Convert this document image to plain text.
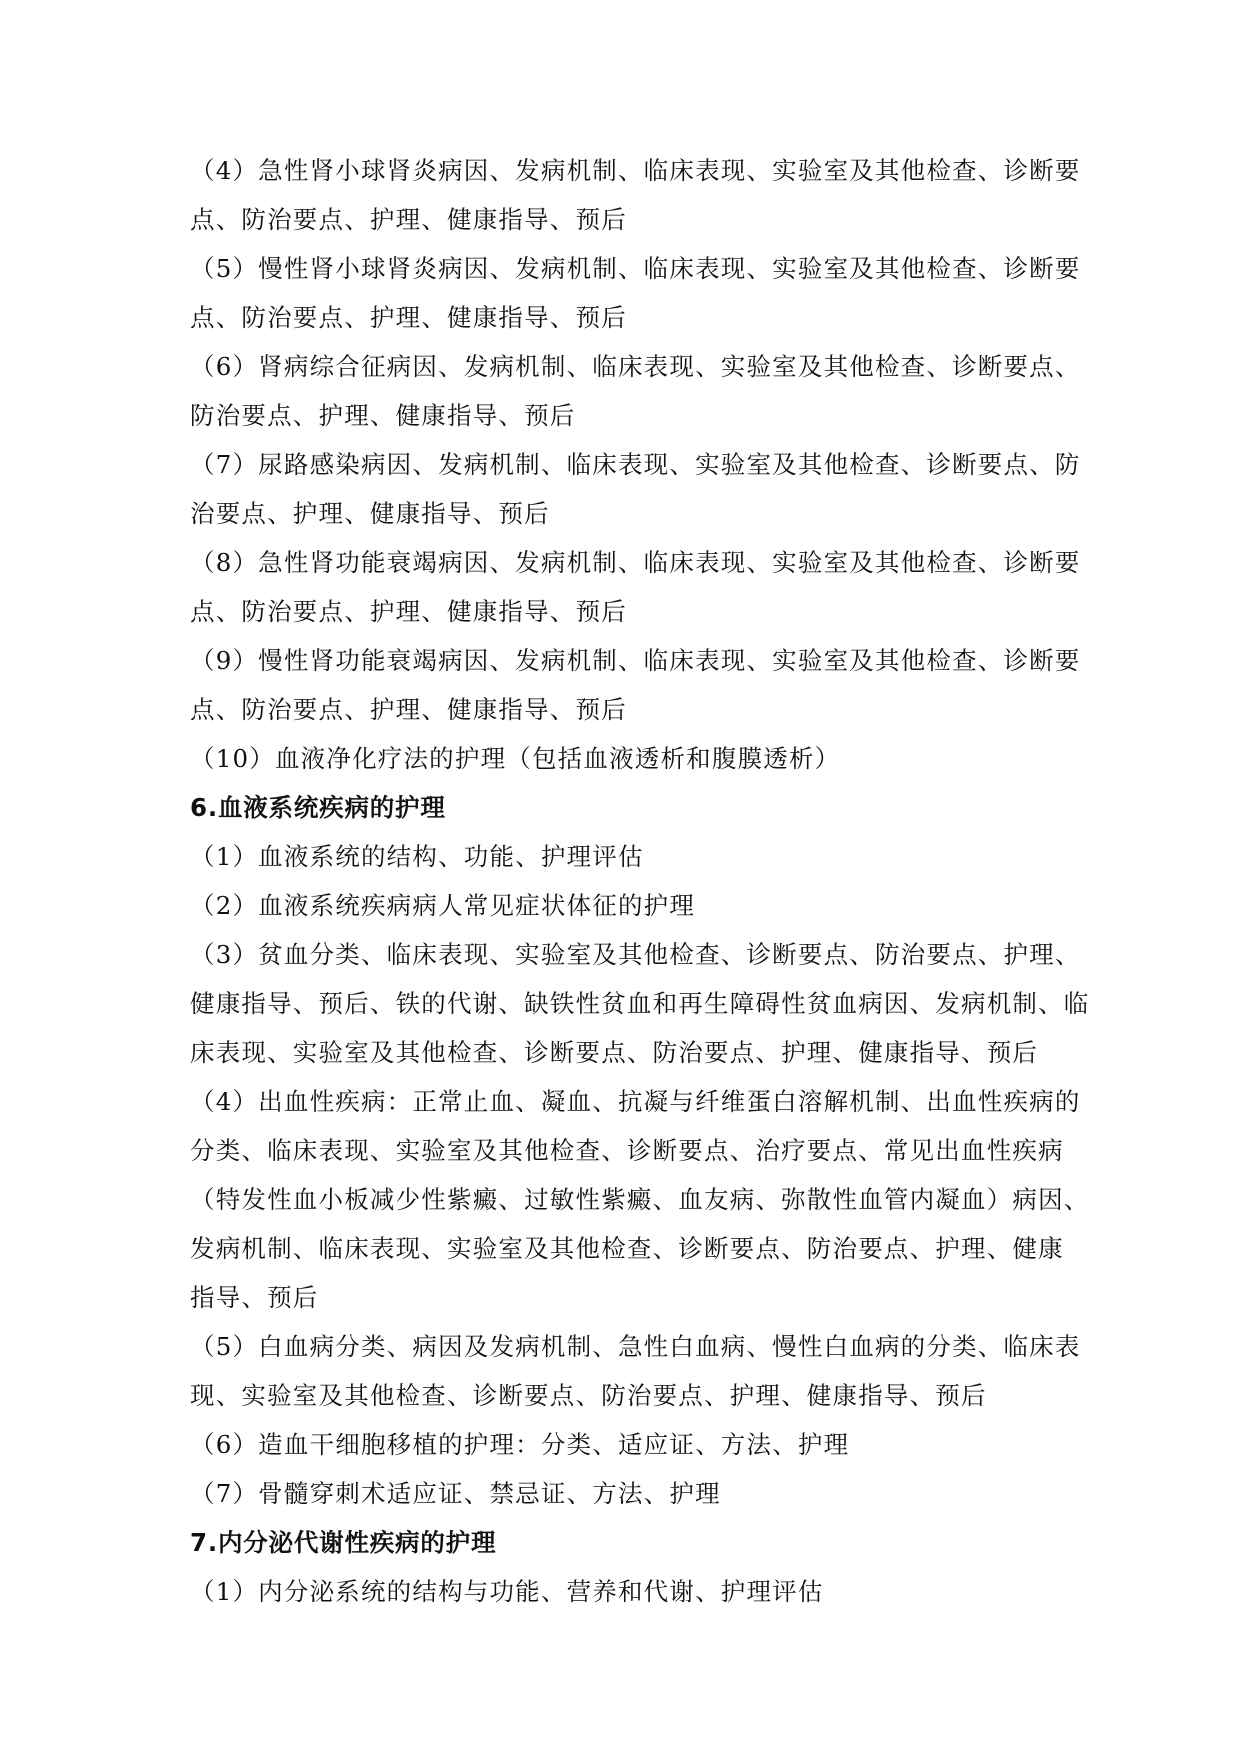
（4）急性肾小球肾炎病因、发病机制、临床表现、实验室及其他检查、诊断要

点、防治要点、护理、健康指导、预后

（5）慢性肾小球肾炎病因、发病机制、临床表现、实验室及其他检查、诊断要

点、防治要点、护理、健康指导、预后

（6）肾病综合征病因、发病机制、临床表现、实验室及其他检查、诊断要点、

防治要点、护理、健康指导、预后

（7）尿路感染病因、发病机制、临床表现、实验室及其他检查、诊断要点、防

治要点、护理、健康指导、预后

（8）急性肾功能衰竭病因、发病机制、临床表现、实验室及其他检查、诊断要

点、防治要点、护理、健康指导、预后

（9）慢性肾功能衰竭病因、发病机制、临床表现、实验室及其他检查、诊断要

点、防治要点、护理、健康指导、预后

（10）血液净化疗法的护理（包括血液透析和腹膜透析）

6.血液系统疾病的护理

（1）血液系统的结构、功能、护理评估

（2）血液系统疾病病人常见症状体征的护理

（3）贫血分类、临床表现、实验室及其他检查、诊断要点、防治要点、护理、

健康指导、预后、铁的代谢、缺铁性贫血和再生障碍性贫血病因、发病机制、临

床表现、实验室及其他检查、诊断要点、防治要点、护理、健康指导、预后

（4）出血性疾病：正常止血、凝血、抗凝与纤维蛋白溶解机制、出血性疾病的

分类、临床表现、实验室及其他检查、诊断要点、治疗要点、常见出血性疾病

（特发性血小板减少性紫癜、过敏性紫癜、血友病、弥散性血管内凝血）病因、

发病机制、临床表现、实验室及其他检查、诊断要点、防治要点、护理、健康

指导、预后

（5）白血病分类、病因及发病机制、急性白血病、慢性白血病的分类、临床表

现、实验室及其他检查、诊断要点、防治要点、护理、健康指导、预后

（6）造血干细胞移植的护理：分类、适应证、方法、护理

（7）骨髓穿刺术适应证、禁忌证、方法、护理

7.内分泌代谢性疾病的护理

（1）内分泌系统的结构与功能、营养和代谢、护理评估
